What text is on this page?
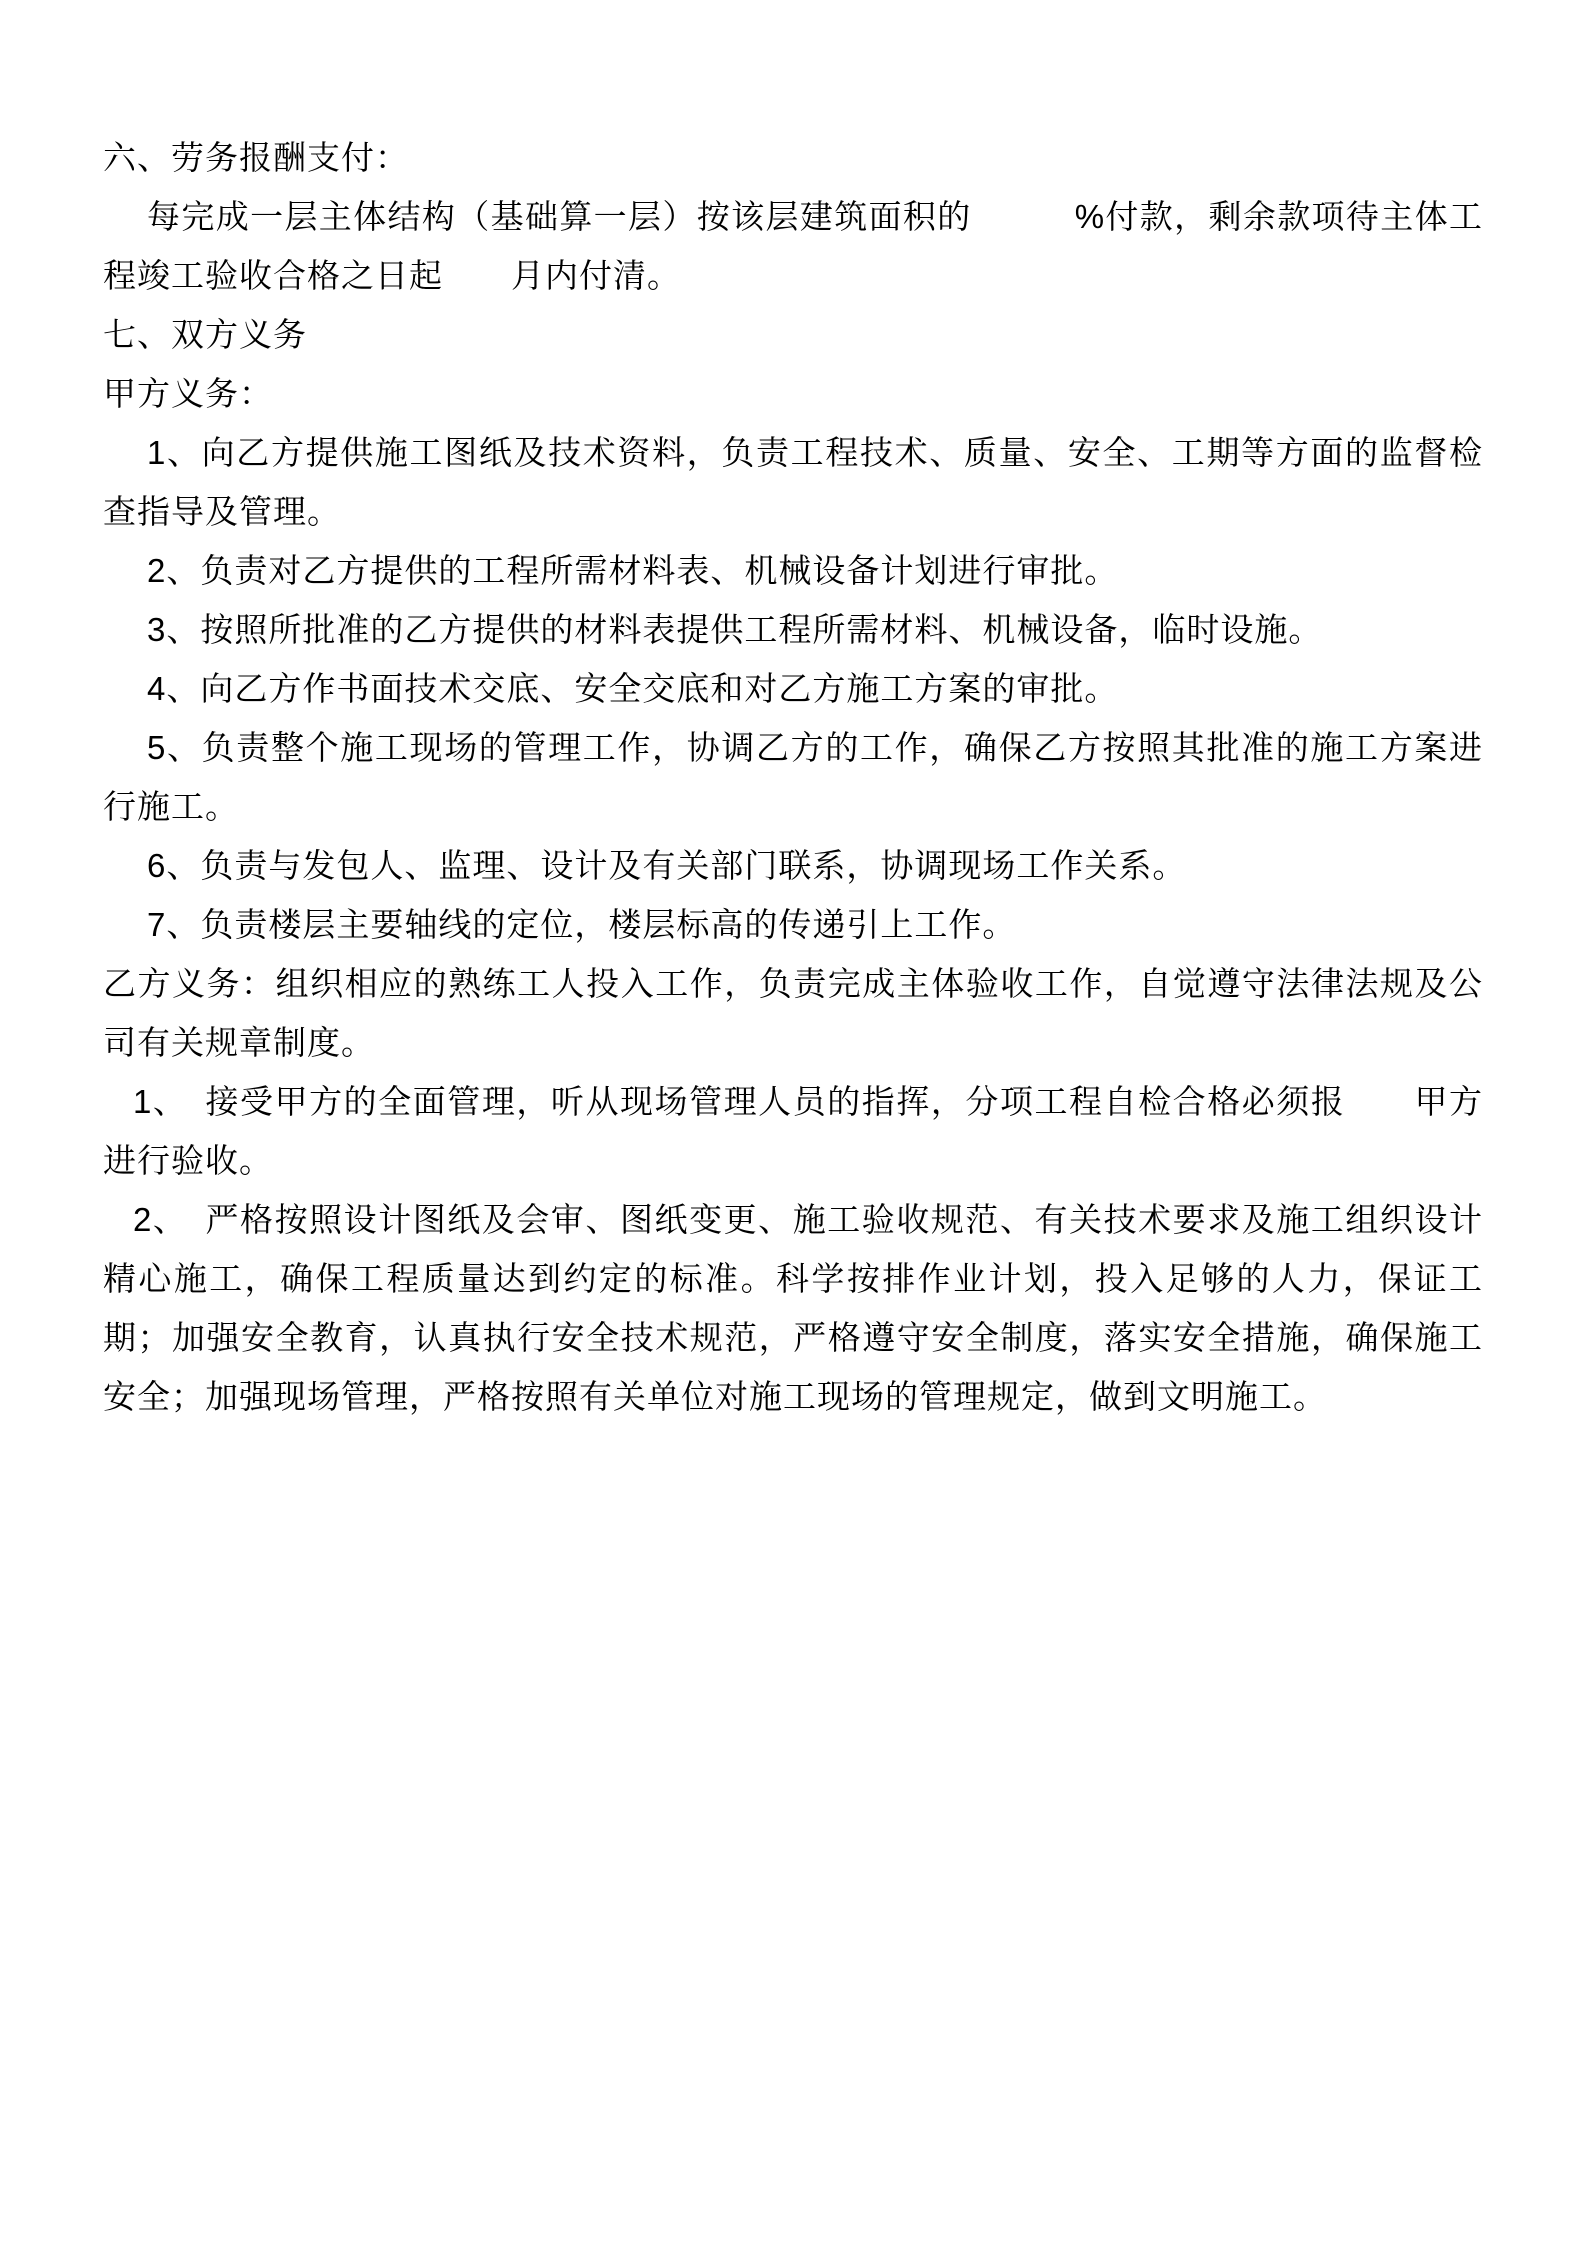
六、劳务报酬支付：

每完成一层主体结构（基础算一层）按该层建筑面积的　　　%付款，剩余款项待主体工程竣工验收合格之日起　　月内付清。

七、双方义务

甲方义务：

1、向乙方提供施工图纸及技术资料，负责工程技术、质量、安全、工期等方面的监督检查指导及管理。

2、负责对乙方提供的工程所需材料表、机械设备计划进行审批。

3、按照所批准的乙方提供的材料表提供工程所需材料、机械设备，临时设施。

4、向乙方作书面技术交底、安全交底和对乙方施工方案的审批。

5、负责整个施工现场的管理工作，协调乙方的工作，确保乙方按照其批准的施工方案进行施工。

6、负责与发包人、监理、设计及有关部门联系，协调现场工作关系。

7、负责楼层主要轴线的定位，楼层标高的传递引上工作。

乙方义务：组织相应的熟练工人投入工作，负责完成主体验收工作，自觉遵守法律法规及公司有关规章制度。

1、　接受甲方的全面管理，听从现场管理人员的指挥，分项工程自检合格必须报　　甲方进行验收。

2、　严格按照设计图纸及会审、图纸变更、施工验收规范、有关技术要求及施工组织设计精心施工，确保工程质量达到约定的标准。科学按排作业计划，投入足够的人力，保证工期；加强安全教育，认真执行安全技术规范，严格遵守安全制度，落实安全措施，确保施工安全；加强现场管理，严格按照有关单位对施工现场的管理规定，做到文明施工。
